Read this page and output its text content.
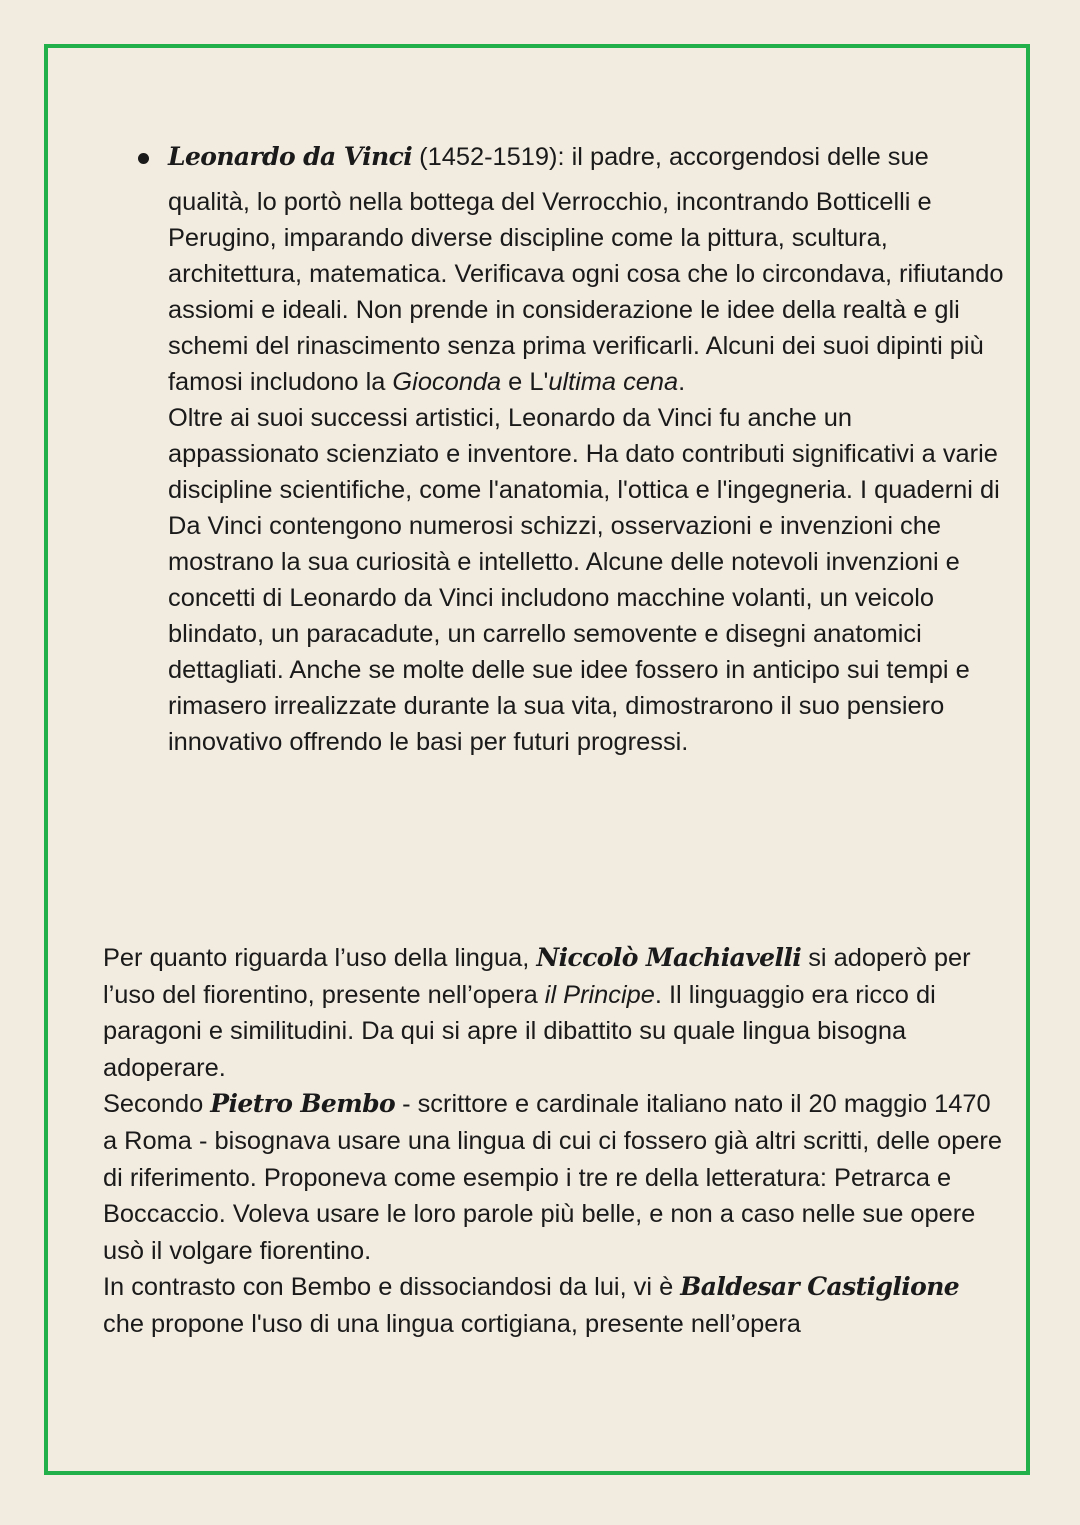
Leonardo da Vinci (1452-1519): il padre, accorgendosi delle sue
qualità, lo portò nella bottega del Verrocchio, incontrando Botticelli e Perugino, imparando diverse discipline come la pittura, scultura, architettura, matematica. Verificava ogni cosa che lo circondava, rifiutando assiomi e ideali. Non prende in considerazione le idee della realtà e gli schemi del rinascimento senza prima verificarli. Alcuni dei suoi dipinti più famosi includono la Gioconda e L'ultima cena.

Oltre ai suoi successi artistici, Leonardo da Vinci fu anche un appassionato scienziato e inventore. Ha dato contributi significativi a varie discipline scientifiche, come l'anatomia, l'ottica e l'ingegneria. I quaderni di Da Vinci contengono numerosi schizzi, osservazioni e invenzioni che mostrano la sua curiosità e intelletto. Alcune delle notevoli invenzioni e concetti di Leonardo da Vinci includono macchine volanti, un veicolo blindato, un paracadute, un carrello semovente e disegni anatomici dettagliati. Anche se molte delle sue idee fossero in anticipo sui tempi e rimasero irrealizzate durante la sua vita, dimostrarono il suo pensiero innovativo offrendo le basi per futuri progressi.

Per quanto riguarda l’uso della lingua, Niccolò Machiavelli si adoperò per l’uso del fiorentino, presente nell’opera il Principe. Il linguaggio era ricco di paragoni e similitudini. Da qui si apre il dibattito su quale lingua bisogna adoperare.

Secondo Pietro Bembo - scrittore e cardinale italiano nato il 20 maggio 1470 a Roma - bisognava usare una lingua di cui ci fossero già altri scritti, delle opere di riferimento. Proponeva come esempio i tre re della letteratura: Petrarca e Boccaccio. Voleva usare le loro parole più belle, e non a caso nelle sue opere usò il volgare fiorentino.

In contrasto con Bembo e dissociandosi da lui, vi è Baldesar Castiglione che propone l'uso di una lingua cortigiana, presente nell’opera
